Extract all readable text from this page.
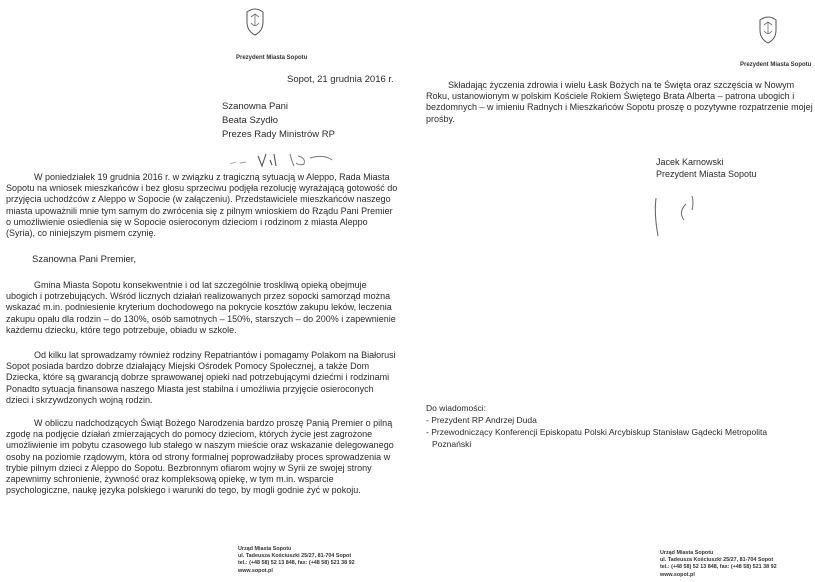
Prezydent Miasta Sopotu
Sopot, 21 grudnia 2016 r.
Szanowna Pani
Beata Szydło
Prezes Rady Ministrów RP
W poniedziałek 19 grudnia 2016 r. w związku z tragiczną sytuacją w Aleppo, Rada Miasta
Sopotu na wniosek mieszkańców i bez głosu sprzeciwu podjęła rezolucję wyrażającą gotowość do
przyjęcia uchodźców z Aleppo w Sopocie (w załączeniu). Przedstawiciele mieszkańców naszego
miasta upoważnili mnie tym samym do zwrócenia się z pilnym wnioskiem do Rządu Pani Premier
o umożliwienie osiedlenia się w Sopocie osieroconym dzieciom i rodzinom z miasta Aleppo
(Syria), co niniejszym pismem czynię.
Szanowna Pani Premier,
Gmina Miasta Sopotu konsekwentnie i od lat szczególnie troskliwą opieką obejmuje
ubogich i potrzebujących. Wśród licznych działań realizowanych przez sopocki samorząd można
wskazać m.in. podniesienie kryterium dochodowego na pokrycie kosztów zakupu leków, leczenia
zakupu opału dla rodzin – do 130%, osób samotnych – 150%, starszych – do 200% i zapewnienie
każdemu dziecku, które tego potrzebuje, obiadu w szkole.
Od kilku lat sprowadzamy również rodziny Repatriantów i pomagamy Polakom na Białorusi
Sopot posiada bardzo dobrze działający Miejski Ośrodek Pomocy Społecznej, a także Dom
Dziecka, które są gwarancją dobrze sprawowanej opieki nad potrzebującymi dziećmi i rodzinami
Ponadto sytuacja finansowa naszego Miasta jest stabilna i umożliwia przyjęcie osieroconych
dzieci i skrzywdzonych wojną rodzin.
W obliczu nadchodzących Świąt Bożego Narodzenia bardzo proszę Panią Premier o pilną
zgodę na podjęcie działań zmierzających do pomocy dzieciom, których życie jest zagrożone
umożliwienie im pobytu czasowego lub stałego w naszym mieście oraz wskazanie delegowanego
osoby na poziomie rządowym, która od strony formalnej poprowadziłaby proces sprowadzenia w
trybie pilnym dzieci z Aleppo do Sopotu. Bezbronnym ofiarom wojny w Syrii ze swojej strony
zapewnimy schronienie, żywność oraz kompleksową opiekę, w tym m.in. wsparcie
psychologiczne, naukę języka polskiego i warunki do tego, by mogli godnie żyć w pokoju.
Urząd Miasta Sopotu
ul. Tadeusza Kościuszki 25/27, 81-704 Sopot
tel.: (+48 58) 52 13 848, fax: (+48 58) 521 38 92
www.sopot.pl
Prezydent Miasta Sopotu
Składając życzenia zdrowia i wielu Łask Bożych na te Święta oraz szczęścia w Nowym
Roku, ustanowionym w polskim Kościele Rokiem Świętego Brata Alberta – patrona ubogich i
bezdomnych – w imieniu Radnych i Mieszkańców Sopotu proszę o pozytywne rozpatrzenie mojej
prośby.
Jacek Karnowski
Prezydent Miasta Sopotu
Do wiadomości:
- Prezydent RP Andrzej Duda
- Przewodniczący Konferencji Episkopatu Polski Arcybiskup Stanisław Gądecki Metropolita
Poznański
Urząd Miasta Sopotu
ul. Tadeusza Kościuszki 25/27, 81-704 Sopot
tel.: (+48 58) 52 13 848, fax: (+48 58) 521 38 92
www.sopot.pl
